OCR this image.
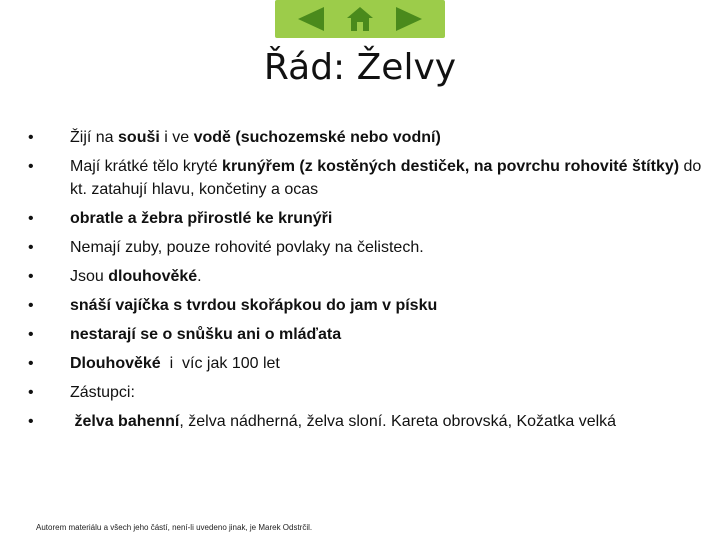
Řád: Želvy
•	Žijí na souši i ve vodě (suchozemské nebo vodní)
•	Mají krátké tělo kryté krunýřem (z kostěných destiček, na povrchu rohovité štítky) do kt. zatahují hlavu, končetiny a ocas
•	obratle a žebra přirostlé ke krunýři
•	Nemají zuby, pouze rohovité povlaky na čelistech.
•	Jsou dlouhověké.
•	snáší vajíčka s tvrdou skořápkou do jam v písku
•	nestarají se o snůšku ani o mláďata
•	Dlouhověké  i  víc jak 100 let
•	Zástupci:
•	želva bahenní, želva nádherná, želva sloní. Kareta obrovská, Kožatka velká
Autorem materiálu a všech jeho částí, není-li uvedeno jinak, je Marek Odstrčil.
